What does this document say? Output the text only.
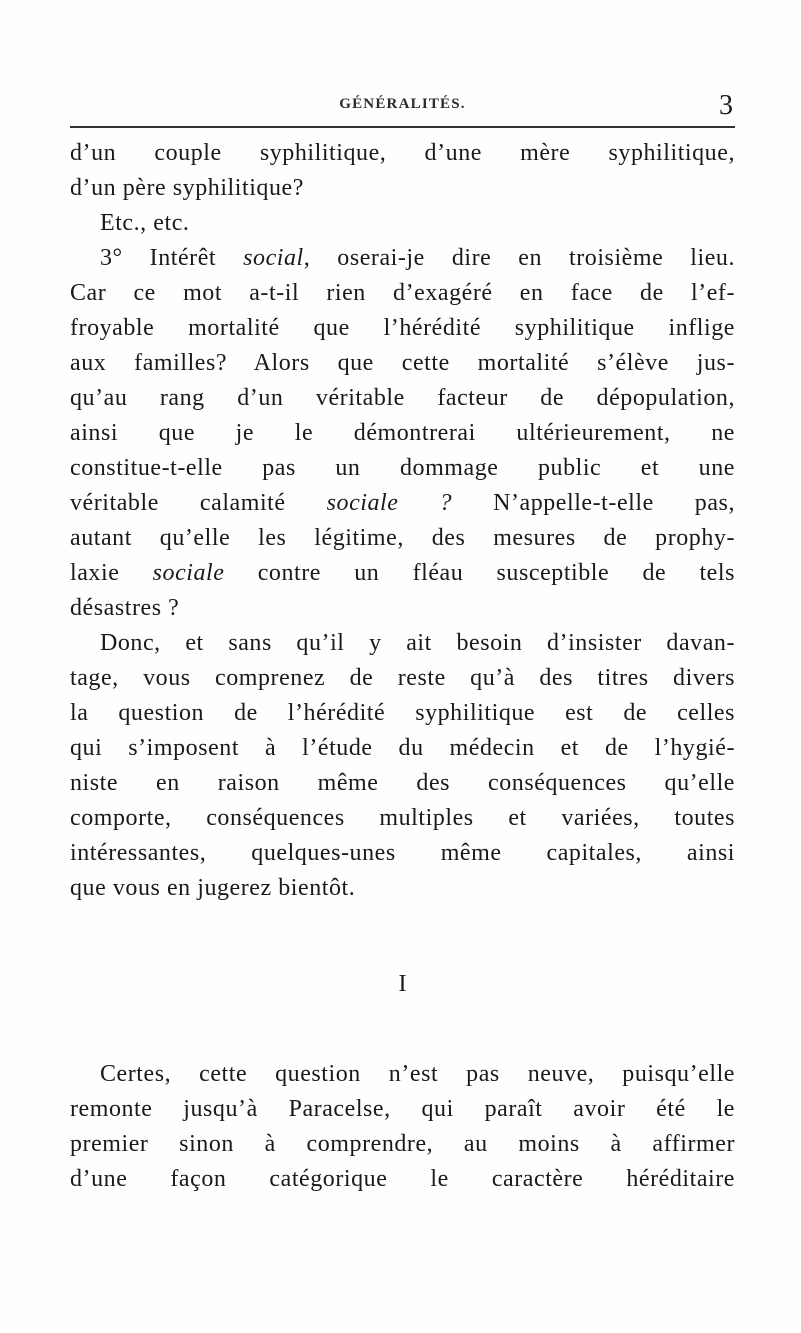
GÉNÉRALITÉS.	3
d’un couple syphilitique, d’une mère syphilitique,
d’un père syphilitique?
Etc., etc.
3° Intérêt social, oserai-je dire en troisième lieu.
Car ce mot a-t-il rien d’exagéré en face de l’ef-
froyable mortalité que l’hérédité syphilitique inflige
aux familles? Alors que cette mortalité s’élève jus-
qu’au rang d’un véritable facteur de dépopulation,
ainsi que je le démontrerai ultérieurement, ne
constitue-t-elle pas un dommage public et une
véritable calamité sociale ? N’appelle-t-elle pas,
autant qu’elle les légitime, des mesures de prophy-
laxie sociale contre un fléau susceptible de tels
désastres ?
Donc, et sans qu’il y ait besoin d’insister davan-
tage, vous comprenez de reste qu’à des titres divers
la question de l’hérédité syphilitique est de celles
qui s’imposent à l’étude du médecin et de l’hygié-
niste en raison même des conséquences qu’elle
comporte, conséquences multiples et variées, toutes
intéressantes, quelques-unes même capitales, ainsi
que vous en jugerez bientôt.
I
Certes, cette question n’est pas neuve, puisqu’elle
remonte jusqu’à Paracelse, qui paraît avoir été le
premier sinon à comprendre, au moins à affirmer
d’une façon catégorique le caractère héréditaire
